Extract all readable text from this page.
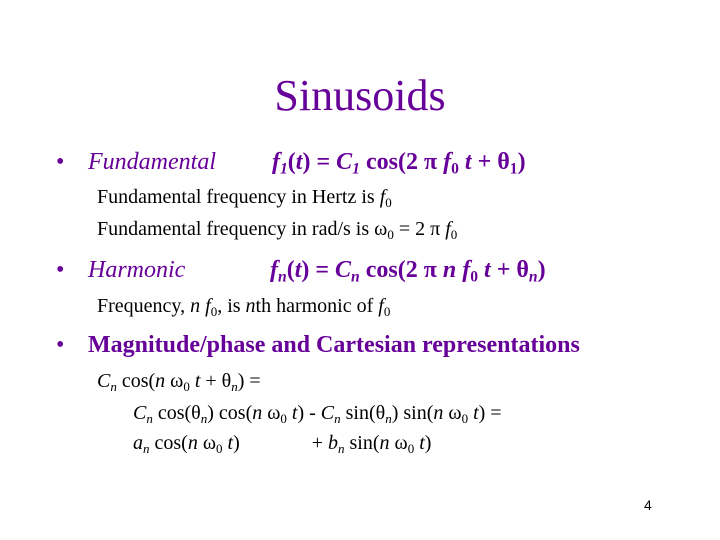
Sinusoids
• Fundamental $f_1(t) = C_1$ cos(2 π $f_0$ $t + \theta_1$)
Fundamental frequency in Hertz is $f_0$
Fundamental frequency in rad/s is $\omega_0 = 2$ π $f_0$
• Harmonic	$f_n(t) = C_n$ cos(2 π n $f_0$ $t + \theta_n$)
Frequency, n $f_0$, is nth harmonic of $f_0$
• Magnitude/phase and Cartesian representations
$C_n$ cos(n $\omega_0$ $t + \theta_n$) =
$C_n$ $\cos(\theta_n)$ cos(n $\omega_0$ $t) - C_n$ $\sin(\theta_n)$ sin(n $\omega_0$ t) =
$a_n$ cos(n $\omega_0$ t)	+ $b_n$ sin(n $\omega_0$ t)
4
